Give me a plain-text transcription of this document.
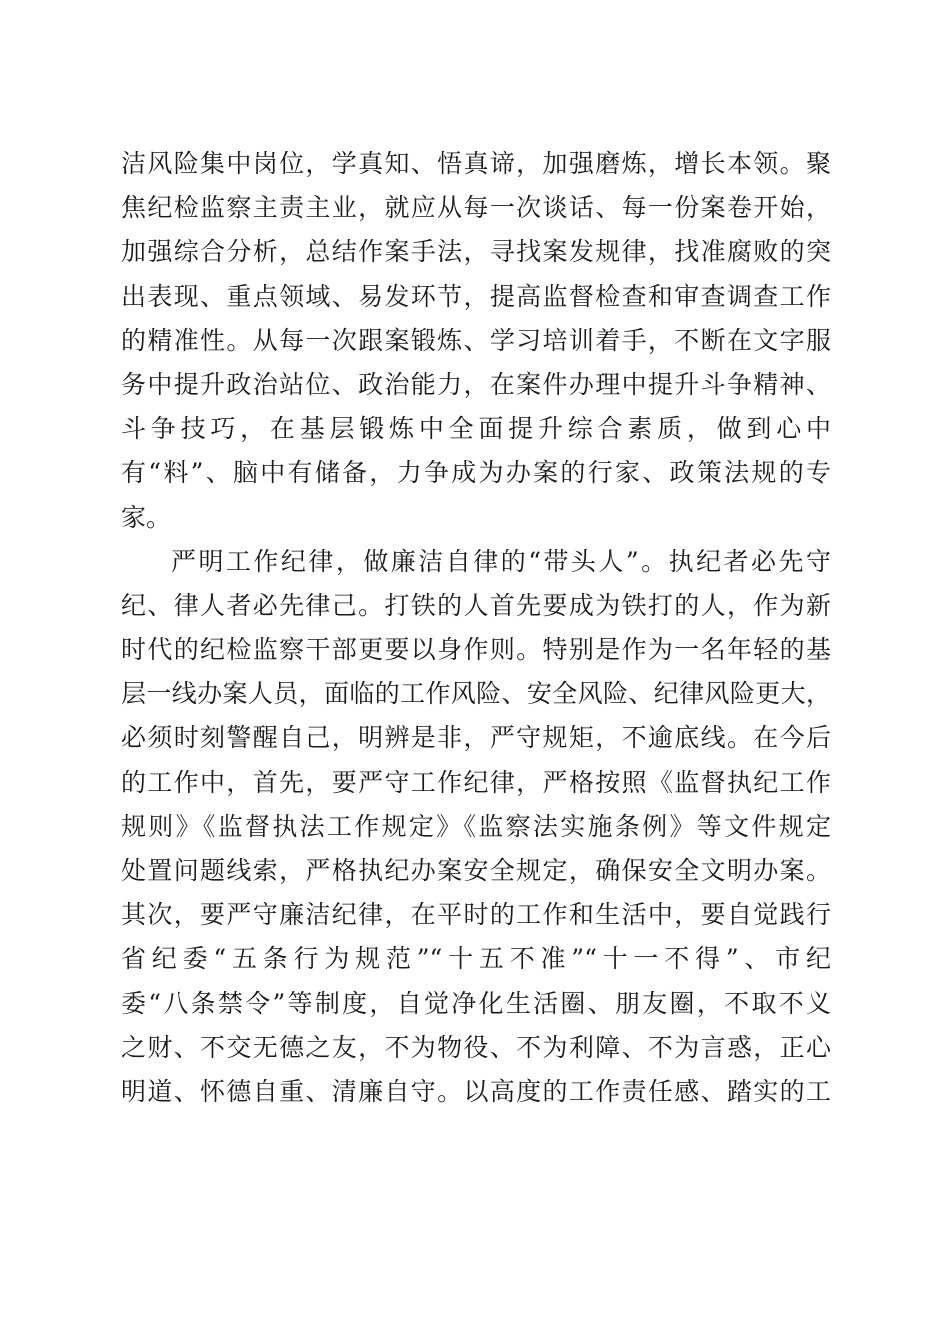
洁风险集中岗位，学真知、悟真谛，加强磨炼，增长本领。聚
焦纪检监察主责主业，就应从每一次谈话、每一份案卷开始，
加强综合分析，总结作案手法，寻找案发规律，找准腐败的突
出表现、重点领域、易发环节，提高监督检查和审查调查工作
的精准性。从每一次跟案锻炼、学习培训着手，不断在文字服
务中提升政治站位、政治能力，在案件办理中提升斗争精神、
斗争技巧，在基层锻炼中全面提升综合素质，做到心中
有“料”、脑中有储备，力争成为办案的行家、政策法规的专
家。
严明工作纪律，做廉洁自律的“带头人”。执纪者必先守
纪、律人者必先律己。打铁的人首先要成为铁打的人，作为新
时代的纪检监察干部更要以身作则。特别是作为一名年轻的基
层一线办案人员，面临的工作风险、安全风险、纪律风险更大，
必须时刻警醒自己，明辨是非，严守规矩，不逾底线。在今后
的工作中，首先，要严守工作纪律，严格按照《监督执纪工作
规则》《监督执法工作规定》《监察法实施条例》等文件规定
处置问题线索，严格执纪办案安全规定，确保安全文明办案。
其次，要严守廉洁纪律，在平时的工作和生活中，要自觉践行
省纪委“五条行为规范”“十五不准”“十一不得”、市纪
委“八条禁令”等制度，自觉净化生活圈、朋友圈，不取不义
之财、不交无德之友，不为物役、不为利障、不为言惑，正心
明道、怀德自重、清廉自守。以高度的工作责任感、踏实的工
